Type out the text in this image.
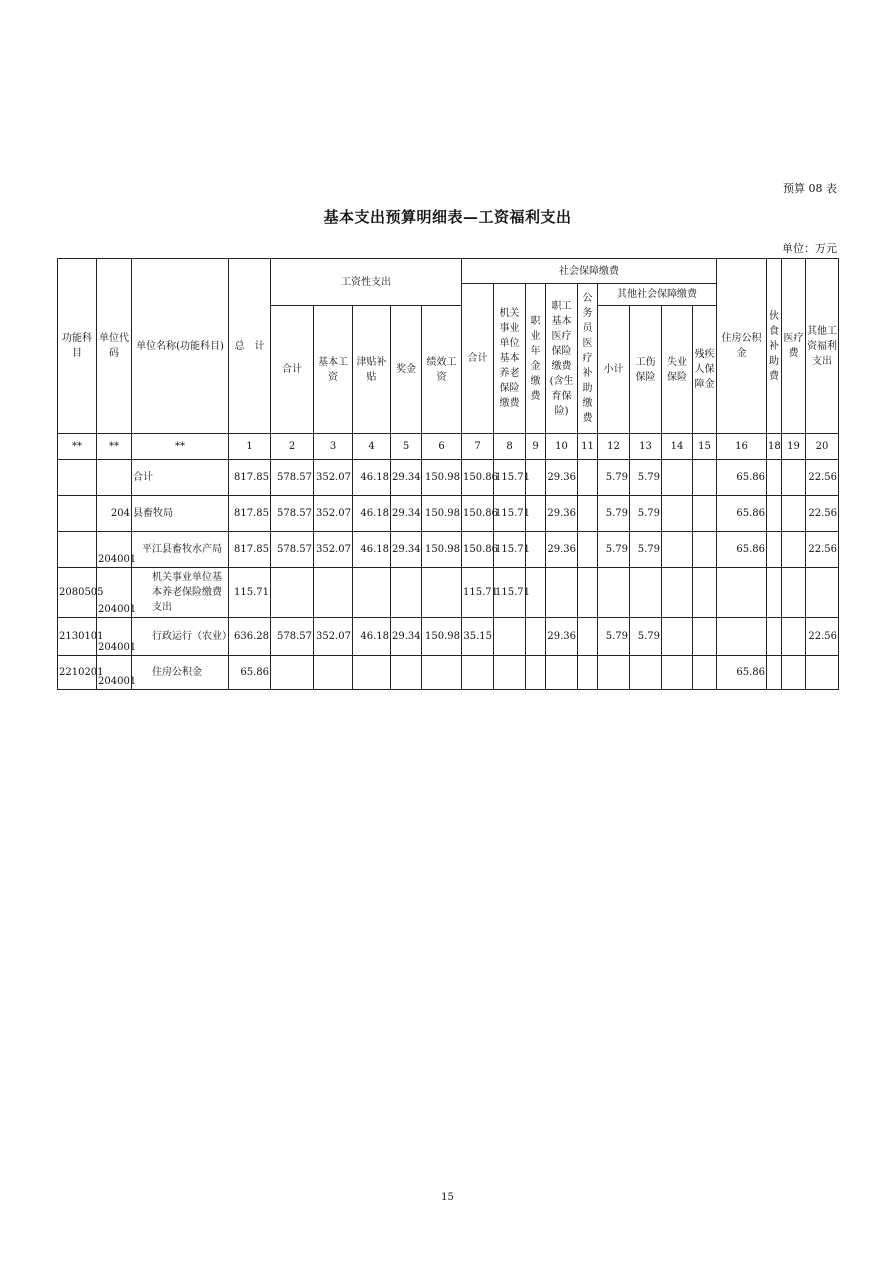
预算 08 表
基本支出预算明细表—工资福利支出
单位：万元
功能科目	单位代码	单位名称(功能科目)	总　计	工资性支出					社会保障缴费									住房公积金	伙食补助费	医疗费	其他工资福利支出
									合计	机关事业单位基本养老保险缴费	职业年金缴费	职工基本医疗保险缴费(含生育保险)	公务员医疗补助缴费	其他社会保障缴费							
				合计	基本工资	津贴补贴	奖金	绩效工资						小计	工伤保险	失业保险	残疾人保障金				

**	**	**	1	2	3	4	5	6	7	8	9	10	11	12	13	14	15	16	18	19	20
		合计	817.85	578.57	352.07	46.18	29.34	150.98	150.86	115.71		29.36		5.79	5.79			65.86			22.56
	204	县畜牧局	817.85	578.57	352.07	46.18	29.34	150.98	150.86	115.71		29.36		5.79	5.79			65.86			22.56
	204001	平江县畜牧水产局	817.85	578.57	352.07	46.18	29.34	150.98	150.86	115.71		29.36		5.79	5.79			65.86			22.56
2080505	204001	机关事业单位基本养老保险缴费支出	115.71						115.71	115.71											
2130101	204001	行政运行（农业）	636.28	578.57	352.07	46.18	29.34	150.98	35.15			29.36		5.79	5.79						22.56
2210201	204001	住房公积金	65.86															65.86			
15
